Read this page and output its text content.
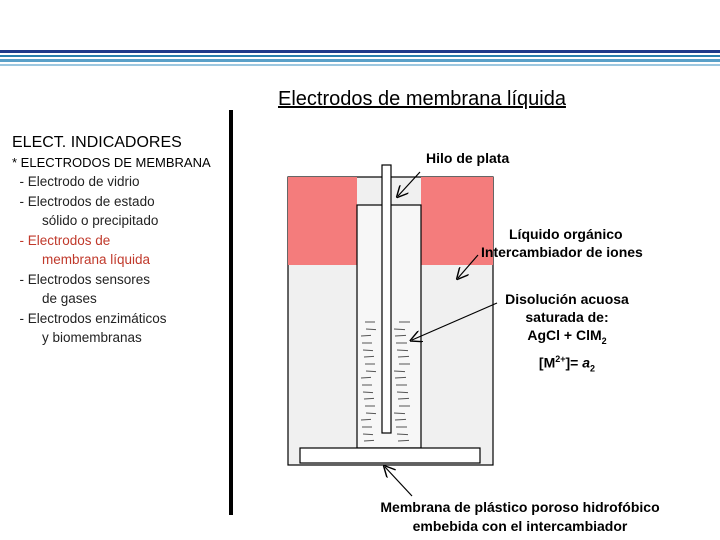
Electrodos de membrana líquida
ELECT. INDICADORES
* ELECTRODOS DE MEMBRANA
- Electrodo de vidrio
- Electrodos de estado
sólido o precipitado
- Electrodos de
membrana líquida
- Electrodos sensores
de gases
- Electrodos enzimáticos
y biomembranas
Hilo de plata
Líquido orgánico
Intercambiador de iones
Disolución acuosa
saturada de:
AgCl + ClM$_2$
$[M^{2+}]= a_2$
Membrana de plástico poroso hidrofóbico
embebida con el intercambiador
